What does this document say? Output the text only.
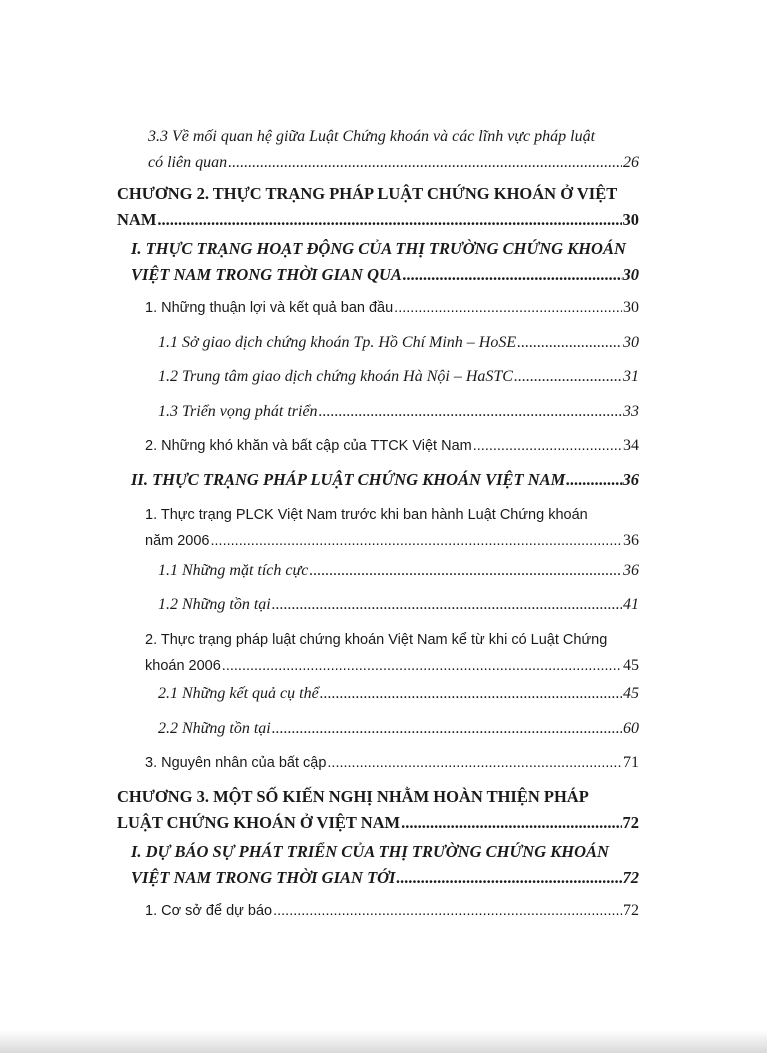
3.3 Về mối quan hệ giữa Luật Chứng khoán và các lĩnh vực pháp luật
có liên quan .....	26
CHƯƠNG 2. THỰC TRẠNG PHÁP LUẬT CHỨNG KHOÁN Ở VIỆT
NAM .....	30
I. THỰC TRẠNG HOẠT ĐỘNG CỦA THỊ TRƯỜNG CHỨNG KHOÁN
VIỆT NAM TRONG THỜI GIAN QUA .....	30
1. Những thuận lợi và kết quả ban đầu .....	30
1.1 Sở giao dịch chứng khoán Tp. Hồ Chí Minh – HoSE .....	30
1.2 Trung tâm giao dịch chứng khoán Hà Nội – HaSTC .....	31
1.3 Triển vọng phát triển .....	33
2. Những khó khăn và bất cập của TTCK Việt Nam .....	34
II. THỰC TRẠNG PHÁP LUẬT CHỨNG KHOÁN VIỆT NAM .....	36
1. Thực trạng PLCK Việt Nam trước khi ban hành Luật Chứng khoán
năm 2006 .....	36
1.1 Những mặt tích cực .....	36
1.2 Những tồn tại .....	41
2. Thực trạng pháp luật chứng khoán Việt Nam kể từ khi có Luật Chứng
khoán 2006 .....	45
2.1 Những kết quả cụ thể .....	45
2.2 Những tồn tại .....	60
3. Nguyên nhân của bất cập .....	71
CHƯƠNG 3. MỘT SỐ KIẾN NGHỊ NHẰM HOÀN THIỆN PHÁP
LUẬT CHỨNG KHOÁN Ở VIỆT NAM .....	72
I. DỰ BÁO SỰ PHÁT TRIỂN CỦA THỊ TRƯỜNG CHỨNG KHOÁN
VIỆT NAM TRONG THỜI GIAN TỚI .....	72
1. Cơ sở để dự báo .....	72
